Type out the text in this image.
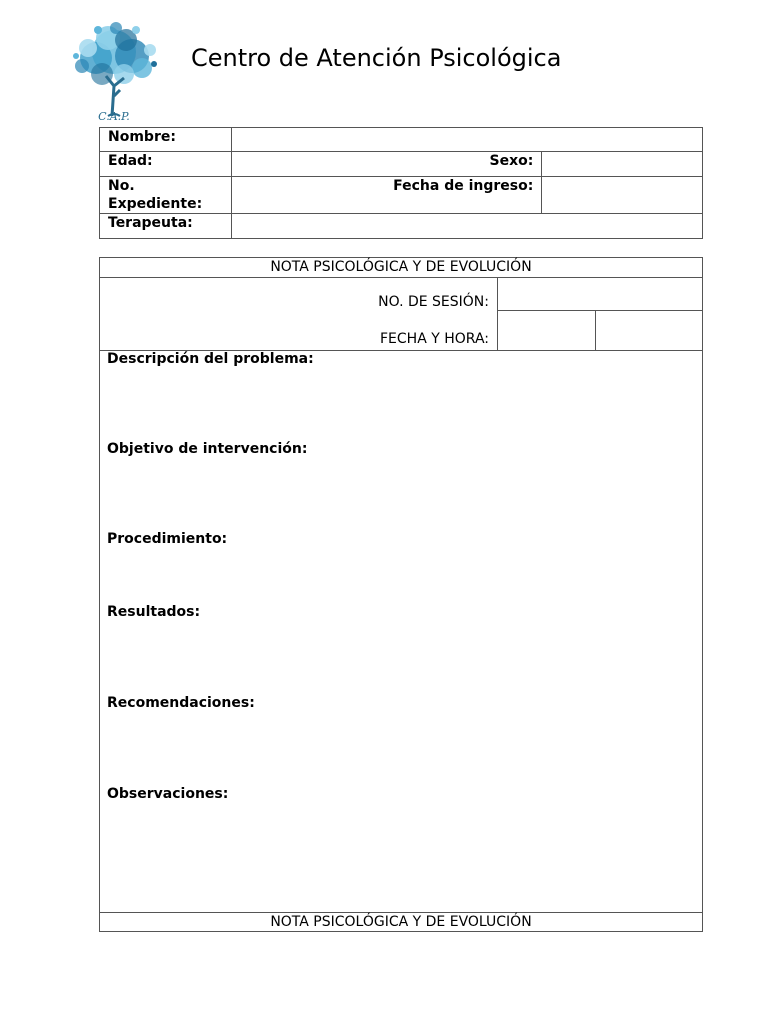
C.A.P.
Centro de Atención Psicológica
Nombre:		
Edad:	Sexo:	
No. Expediente:	Fecha de ingreso:	
Terapeuta:		
NOTA PSICOLÓGICA Y DE EVOLUCIÓN
NO. DE SESIÓN:
FECHA Y HORA:
Descripción del problema:
Objetivo de intervención:
Procedimiento:
Resultados:
Recomendaciones:
Observaciones:
NOTA PSICOLÓGICA Y DE EVOLUCIÓN
